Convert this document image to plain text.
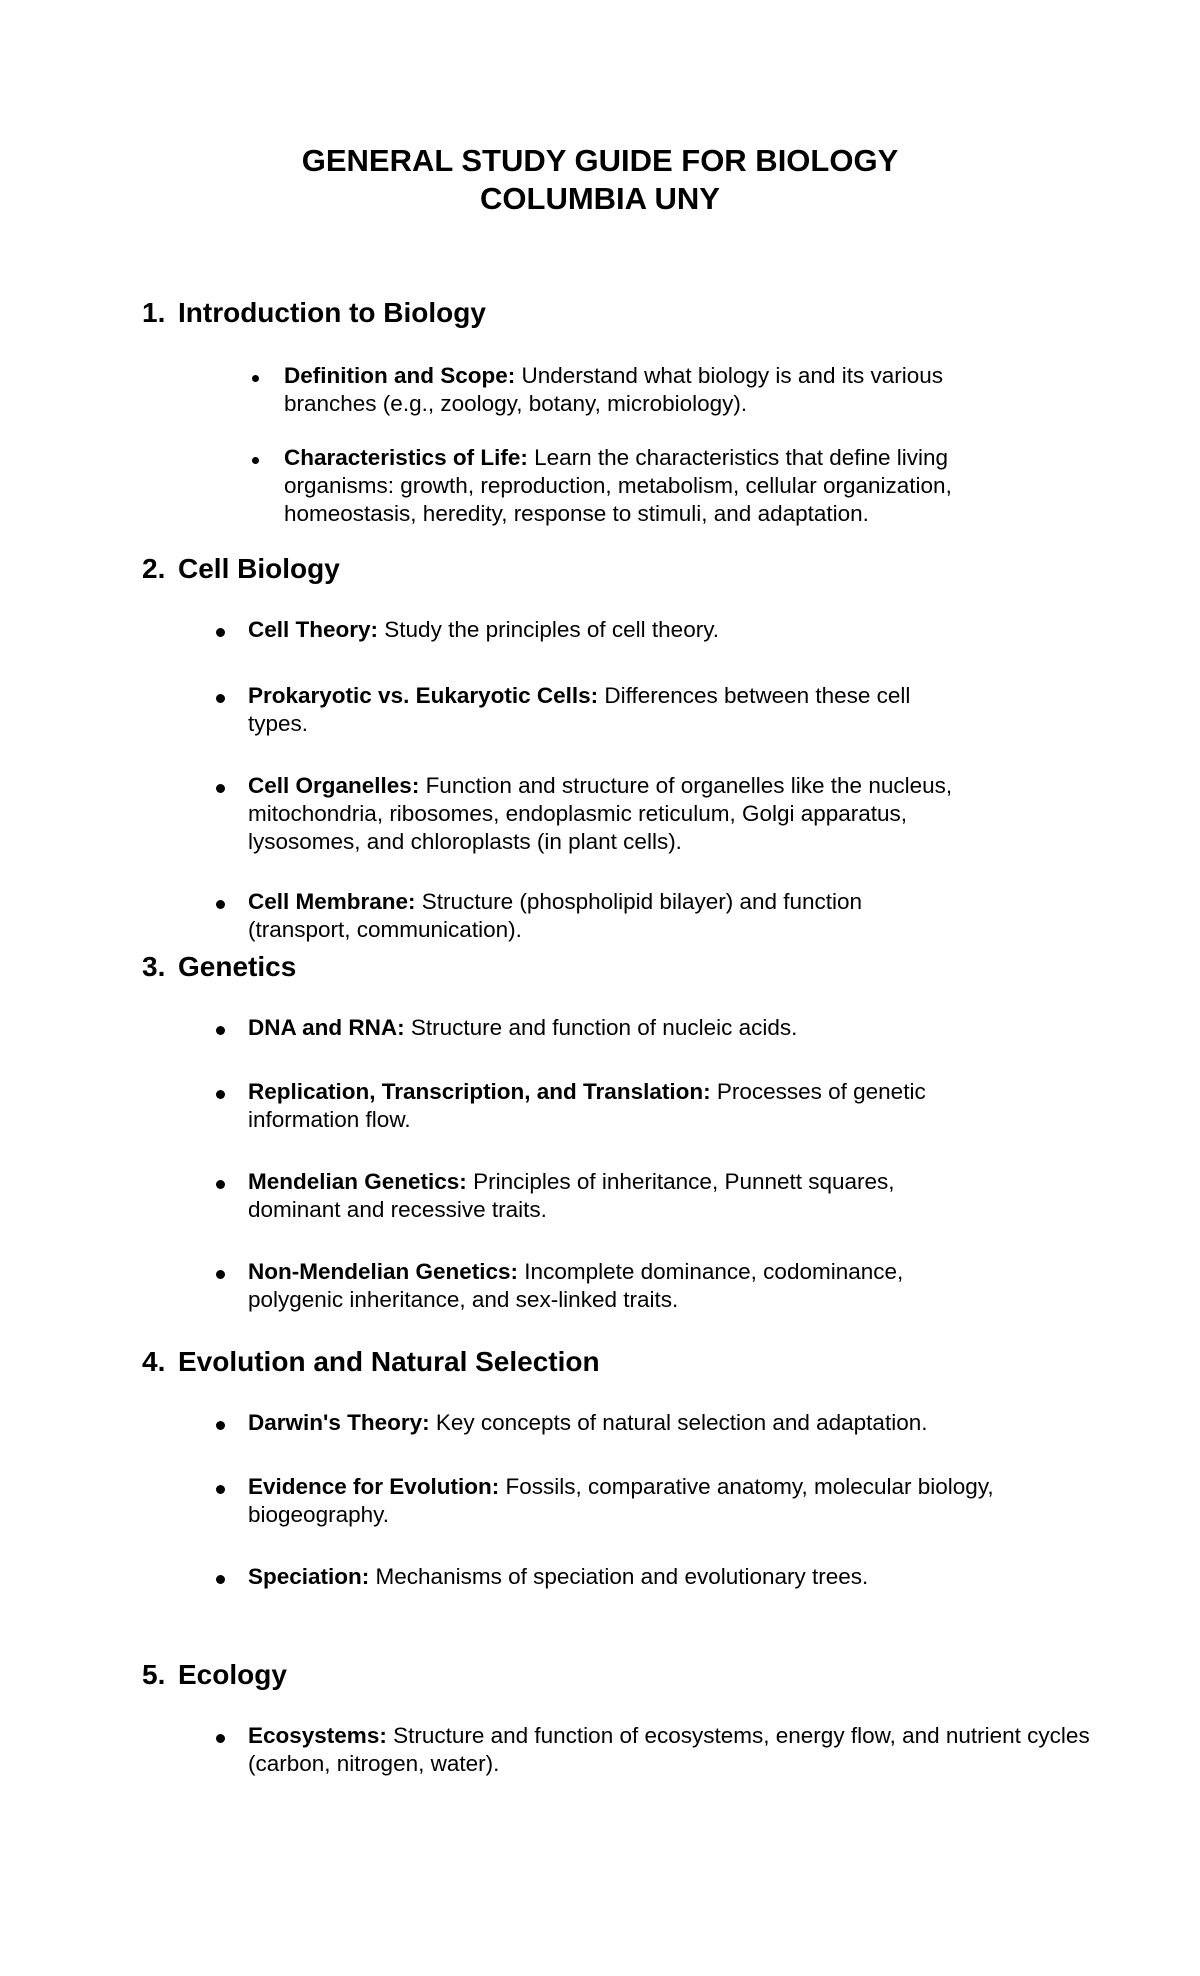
GENERAL STUDY GUIDE FOR BIOLOGY
COLUMBIA UNY
1. Introduction to Biology
Definition and Scope: Understand what biology is and its various branches (e.g., zoology, botany, microbiology).
Characteristics of Life: Learn the characteristics that define living organisms: growth, reproduction, metabolism, cellular organization, homeostasis, heredity, response to stimuli, and adaptation.
2. Cell Biology
Cell Theory: Study the principles of cell theory.
Prokaryotic vs. Eukaryotic Cells: Differences between these cell types.
Cell Organelles: Function and structure of organelles like the nucleus, mitochondria, ribosomes, endoplasmic reticulum, Golgi apparatus, lysosomes, and chloroplasts (in plant cells).
Cell Membrane: Structure (phospholipid bilayer) and function (transport, communication).
3. Genetics
DNA and RNA: Structure and function of nucleic acids.
Replication, Transcription, and Translation: Processes of genetic information flow.
Mendelian Genetics: Principles of inheritance, Punnett squares, dominant and recessive traits.
Non-Mendelian Genetics: Incomplete dominance, codominance, polygenic inheritance, and sex-linked traits.
4. Evolution and Natural Selection
Darwin's Theory: Key concepts of natural selection and adaptation.
Evidence for Evolution: Fossils, comparative anatomy, molecular biology, biogeography.
Speciation: Mechanisms of speciation and evolutionary trees.
5. Ecology
Ecosystems: Structure and function of ecosystems, energy flow, and nutrient cycles (carbon, nitrogen, water).
